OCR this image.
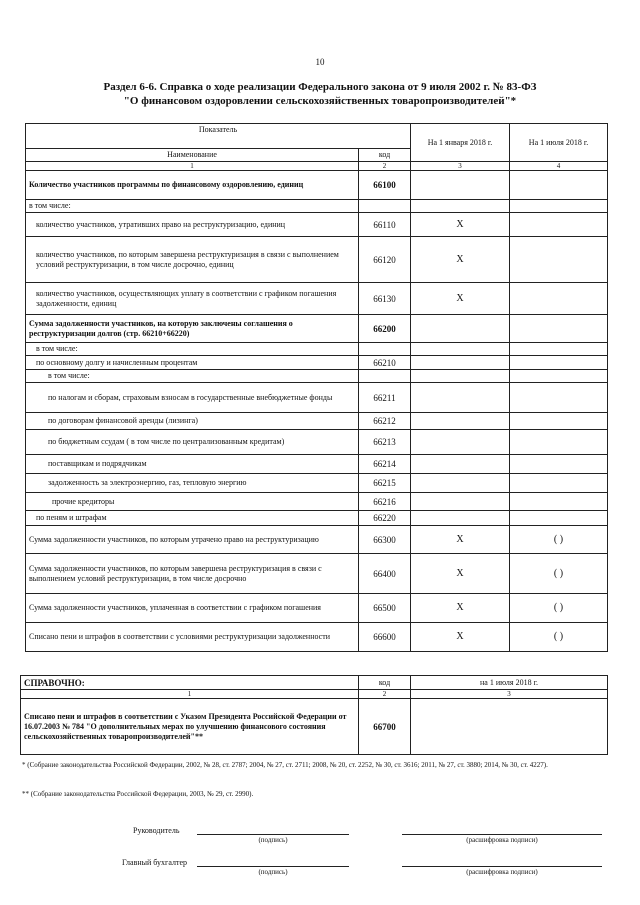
10
Раздел 6-6. Справка о ходе реализации Федерального закона от 9 июля 2002 г. № 83-ФЗ
"О финансовом оздоровлении сельскохозяйственных товаропроизводителей"*
Показатель		На 1 января 2018 г.	На 1 июля 2018 г.
Наименование	код		
1	2	3	4
Количество участников программы по финансовому оздоровлению, единиц	66100		
в том числе:			
количество участников, утративших право на реструктуризацию, единиц	66110	X	
количество участников, по которым завершена реструктуризация в связи с выполнением условий реструктуризации, в том числе досрочно, единиц	66120	X	
количество участников, осуществляющих уплату в соответствии с графиком погашения задолженности, единиц	66130	X	
Сумма задолженности участников, на которую заключены соглашения о реструктуризации долгов (стр. 66210+66220)	66200		
в том числе:			
по основному долгу и начисленным процентам	66210		
в том числе:			
по налогам и сборам, страховым взносам в государственные внебюджетные фонды	66211		
по договорам финансовой аренды (лизинга)	66212		
по бюджетным ссудам ( в том числе по централизованным кредитам)	66213		
поставщикам и подрядчикам	66214		
задолженность за электроэнергию, газ, тепловую энергию	66215		
прочие кредиторы	66216		
по пеням и штрафам	66220		
Сумма задолженности участников, по которым утрачено право на реструктуризацию	66300	X	( )
Сумма задолженности участников, по которым завершена реструктуризация в связи с выполнением условий реструктуризации, в том числе досрочно	66400	X	( )
Сумма задолженности участников, уплаченная в соответствии с графиком погашения	66500	X	( )
Списано пени и штрафов в соответствии с условиями реструктуризации задолженности	66600	X	( )
СПРАВОЧНО:	код	на 1 июля 2018 г.
1	2	3
Списано пени и штрафов в соответствии с Указом Президента Российской Федерации от 16.07.2003 № 784 "О дополнительных мерах по улучшению финансового состояния сельскохозяйственных товаропроизводителей"**	66700	
* (Собрание законодательства Российской Федерации, 2002, № 28, ст. 2787; 2004, № 27, ст. 2711; 2008, № 20, ст. 2252, № 30, ст. 3616; 2011, № 27, ст. 3880; 2014, № 30, ст. 4227).
** (Собрание законодательства Российской Федерации, 2003, № 29, ст. 2990).
Руководитель
(подпись)	(расшифровка подписи)
Главный бухгалтер
(подпись)	(расшифровка подписи)
